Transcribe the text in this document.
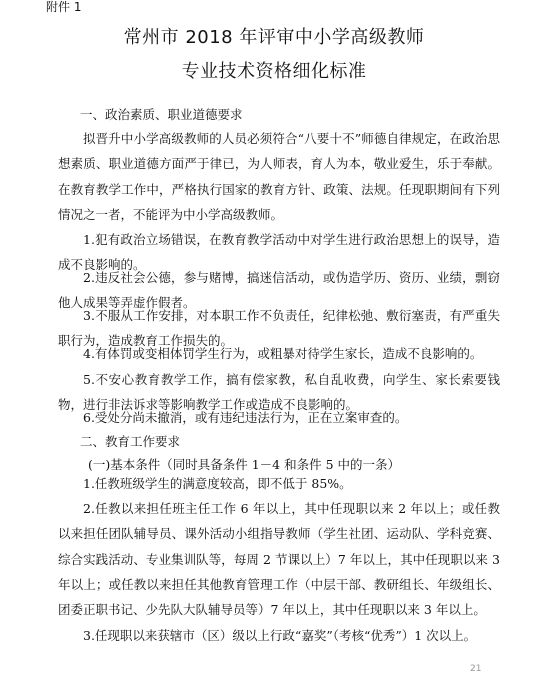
附件 1
常州市 2018 年评审中小学高级教师
专业技术资格细化标准
一、政治素质、职业道德要求
拟晋升中小学高级教师的人员必须符合“八要十不”师德自律规定，在政治思想素质、职业道德方面严于律已，为人师表，育人为本，敬业爱生，乐于奉献。在教育教学工作中，严格执行国家的教育方针、政策、法规。任现职期间有下列情况之一者，不能评为中小学高级教师。
1.犯有政治立场错误，在教育教学活动中对学生进行政治思想上的误导，造成不良影响的。
2.违反社会公德，参与赌博，搞迷信活动，或伪造学历、资历、业绩，剽窃他人成果等弄虚作假者。
3.不服从工作安排，对本职工作不负责任，纪律松弛、敷衍塞责，有严重失职行为，造成教育工作损失的。
4.有体罚或变相体罚学生行为，或粗暴对待学生家长，造成不良影响的。
5.不安心教育教学工作，搞有偿家教，私自乱收费，向学生、家长索要钱物，进行非法诉求等影响教学工作或造成不良影响的。
6.受处分尚未撤消，或有违纪违法行为，正在立案审查的。
二、教育工作要求
(一)基本条件（同时具备条件 1－4 和条件 5 中的一条）
1.任教班级学生的满意度较高，即不低于 85%。
2.任教以来担任班主任工作 6 年以上，其中任现职以来 2 年以上；或任教以来担任团队辅导员、课外活动小组指导教师（学生社团、运动队、学科竞赛、综合实践活动、专业集训队等，每周 2 节课以上）7 年以上，其中任现职以来 3 年以上；或任教以来担任其他教育管理工作（中层干部、教研组长、年级组长、团委正职书记、少先队大队辅导员等）7 年以上，其中任现职以来 3 年以上。
3.任现职以来获辖市（区）级以上行政“嘉奖”（考核“优秀”）1 次以上。
21
